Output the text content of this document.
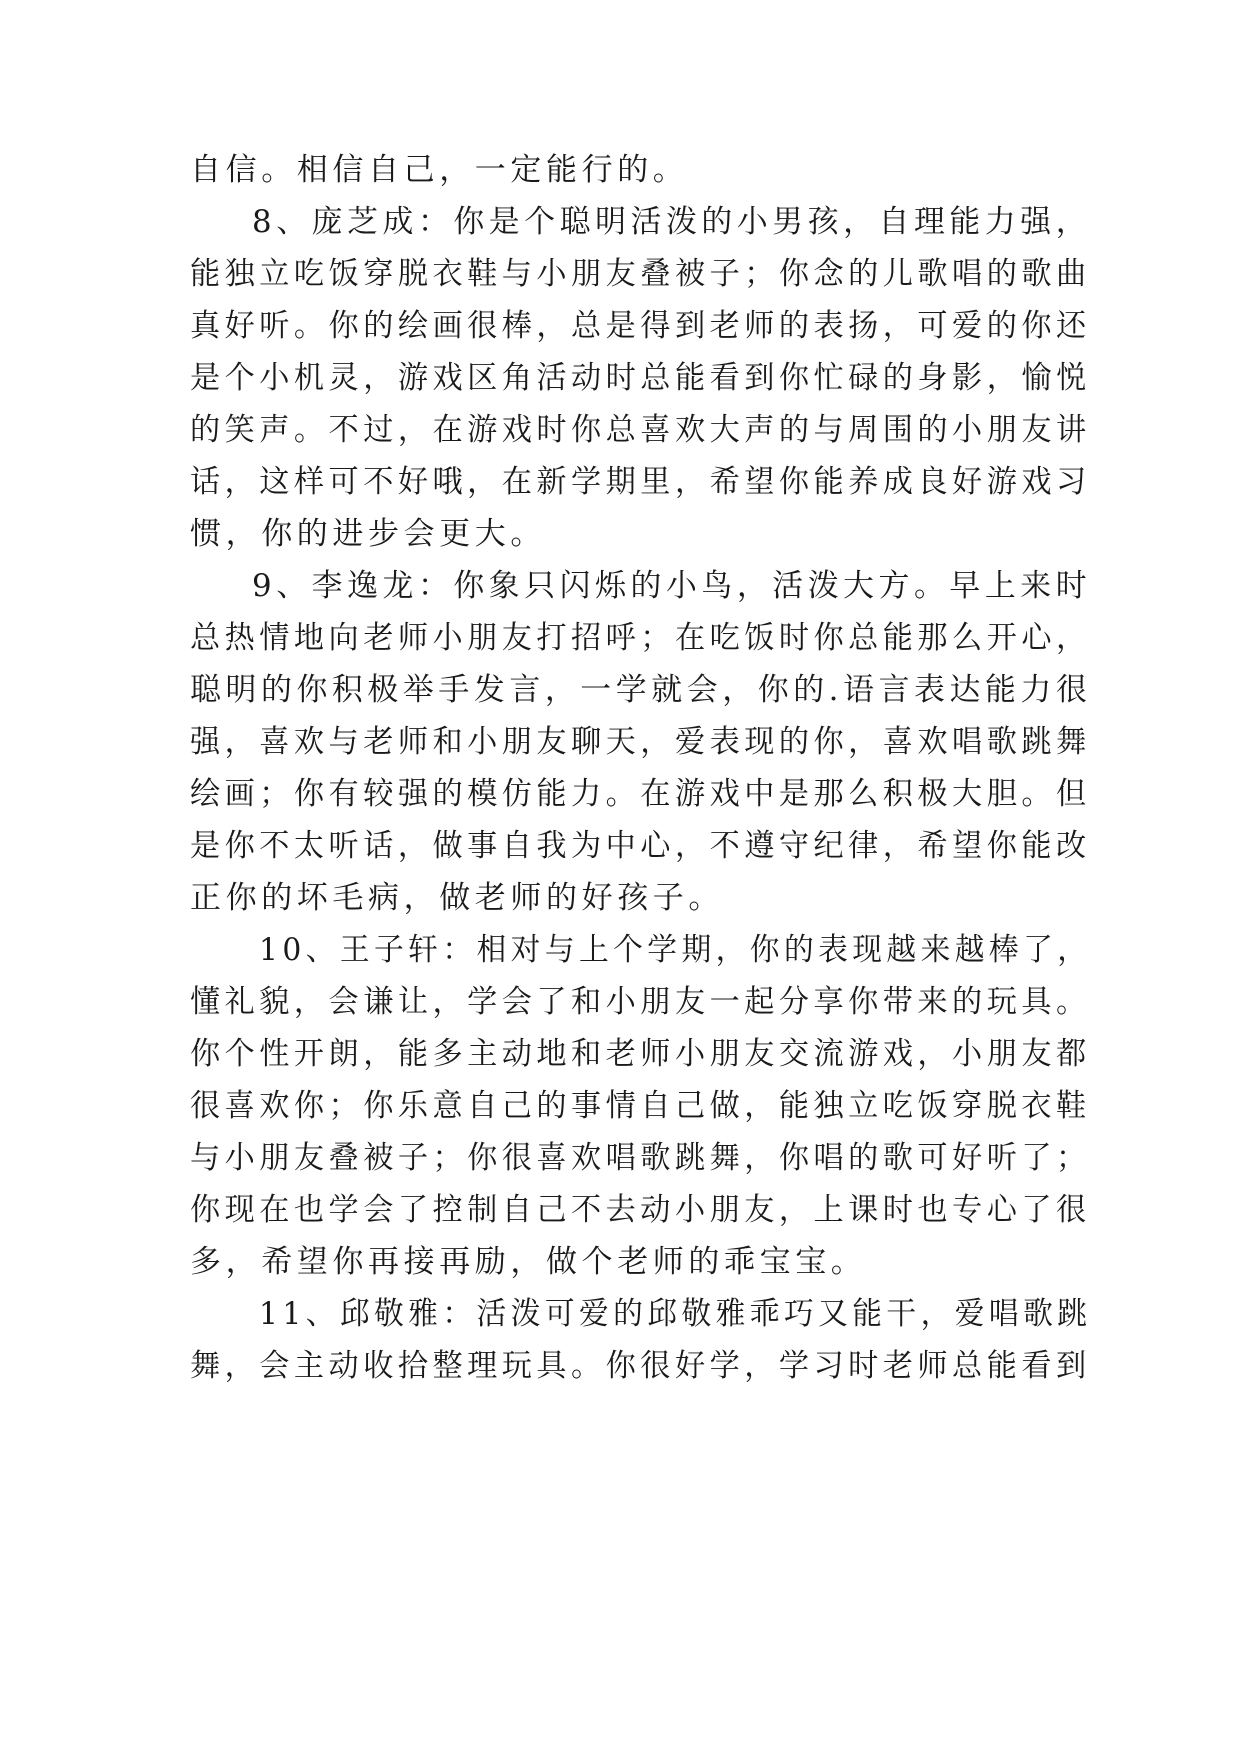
自信。相信自己，一定能行的。
8、庞芝成：你是个聪明活泼的小男孩，自理能力强，
能独立吃饭穿脱衣鞋与小朋友叠被子；你念的儿歌唱的歌曲
真好听。你的绘画很棒，总是得到老师的表扬，可爱的你还
是个小机灵，游戏区角活动时总能看到你忙碌的身影，愉悦
的笑声。不过，在游戏时你总喜欢大声的与周围的小朋友讲
话，这样可不好哦，在新学期里，希望你能养成良好游戏习
惯，你的进步会更大。
9、李逸龙：你象只闪烁的小鸟，活泼大方。早上来时
总热情地向老师小朋友打招呼；在吃饭时你总能那么开心，
聪明的你积极举手发言，一学就会，你的.语言表达能力很
强，喜欢与老师和小朋友聊天，爱表现的你，喜欢唱歌跳舞
绘画；你有较强的模仿能力。在游戏中是那么积极大胆。但
是你不太听话，做事自我为中心，不遵守纪律，希望你能改
正你的坏毛病，做老师的好孩子。
10、王子轩：相对与上个学期，你的表现越来越棒了，
懂礼貌，会谦让，学会了和小朋友一起分享你带来的玩具。
你个性开朗，能多主动地和老师小朋友交流游戏，小朋友都
很喜欢你；你乐意自己的事情自己做，能独立吃饭穿脱衣鞋
与小朋友叠被子；你很喜欢唱歌跳舞，你唱的歌可好听了；
你现在也学会了控制自己不去动小朋友，上课时也专心了很
多，希望你再接再励，做个老师的乖宝宝。
11、邱敬雅：活泼可爱的邱敬雅乖巧又能干，爱唱歌跳
舞，会主动收拾整理玩具。你很好学，学习时老师总能看到
